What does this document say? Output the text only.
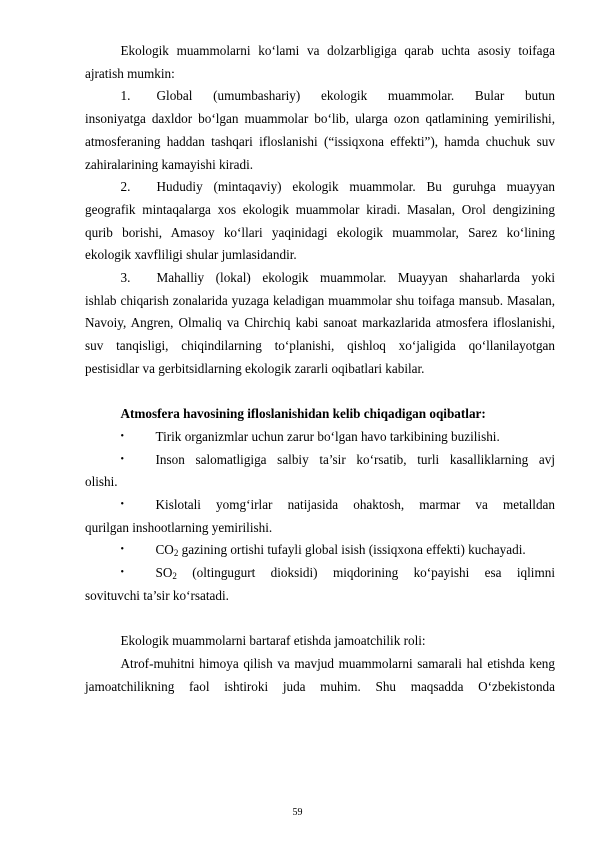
Ekologik muammolarni ko‘lami va dolzarbligiga qarab uchta asosiy toifaga ajratish mumkin:

1. Global (umumbashariy) ekologik muammolar. Bular butun

insoniyatga daxldor bo‘lgan muammolar bo‘lib, ularga ozon qatlamining yemirilishi, atmosferaning haddan tashqari ifloslanishi (“issiqxona effekti”), hamda chuchuk suv zahiralarining kamayishi kiradi.

2. Hududiy (mintaqaviy) ekologik muammolar. Bu guruhga muayyan

geografik mintaqalarga xos ekologik muammolar kiradi. Masalan, Orol dengizining qurib borishi, Amasoy ko‘llari yaqinidagi ekologik muammolar, Sarez ko‘lining ekologik xavfliligi shular jumlasidandir.

3. Mahalliy (lokal) ekologik muammolar. Muayyan shaharlarda yoki

ishlab chiqarish zonalarida yuzaga keladigan muammolar shu toifaga mansub. Masalan, Navoiy, Angren, Olmaliq va Chirchiq kabi sanoat markazlarida atmosfera ifloslanishi, suv tanqisligi, chiqindilarning to‘planishi, qishloq xo‘jaligida qo‘llanilayotgan pestisidlar va gerbitsidlarning ekologik zararli oqibatlari kabilar.

Atmosfera havosining ifloslanishidan kelib chiqadigan oqibatlar:

• Tirik organizmlar uchun zarur bo‘lgan havo tarkibining buzilishi.

• Inson salomatligiga salbiy ta’sir ko‘rsatib, turli kasalliklarning avj

olishi.

• Kislotali yomg‘irlar natijasida ohaktosh, marmar va metalldan

qurilgan inshootlarning yemirilishi.

• $CO_2$ gazining ortishi tufayli global isish (issiqxona effekti) kuchayadi.

• $SO_2$ (oltingugurt dioksidi) miqdorining ko‘payishi esa iqlimni

sovituvchi ta’sir ko‘rsatadi.

Ekologik muammolarni bartaraf etishda jamoatchilik roli:

Atrof-muhitni himoya qilish va mavjud muammolarni samarali hal etishda keng jamoatchilikning faol ishtiroki juda muhim. Shu maqsadda O‘zbekistonda

59
